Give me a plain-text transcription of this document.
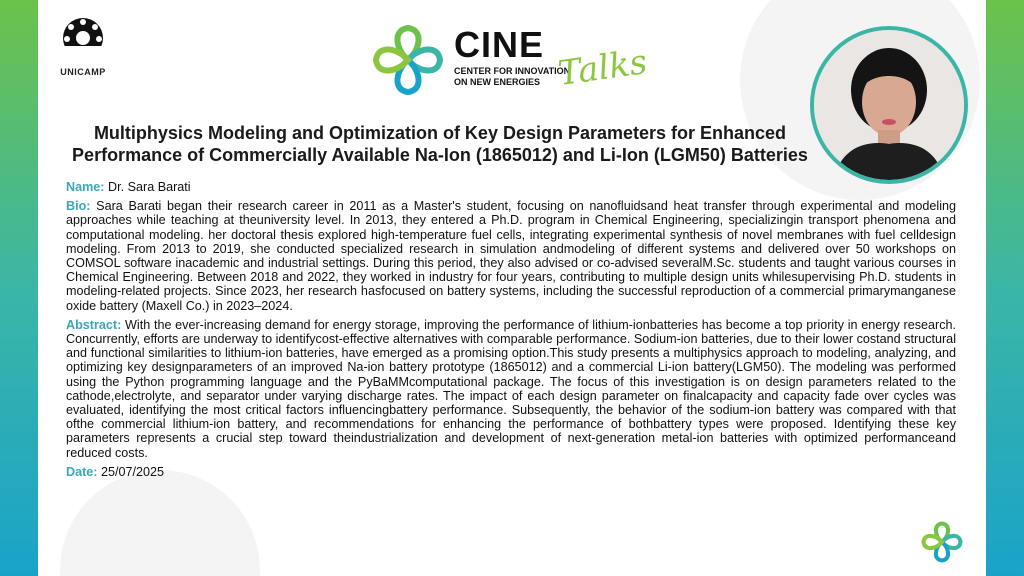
UNICAMP
CINE
CENTER FOR INNOVATION
ON NEW ENERGIES Talks
Multiphysics Modeling and Optimization of Key Design Parameters for Enhanced Performance of Commercially Available Na-Ion (1865012) and Li-Ion (LGM50) Batteries

Name: Dr. Sara Barati

Bio: Sara Barati began their research career in 2011 as a Master's student, focusing on nanofluidsand heat transfer through experimental and modeling approaches while teaching at theuniversity level. In 2013, they entered a Ph.D. program in Chemical Engineering, specializingin transport phenomena and computational modeling. her doctoral thesis explored high-temperature fuel cells, integrating experimental synthesis of novel membranes with fuel celldesign modeling. From 2013 to 2019, she conducted specialized research in simulation andmodeling of different systems and delivered over 50 workshops on COMSOL software inacademic and industrial settings. During this period, they also advised or co-advised severalM.Sc. students and taught various courses in Chemical Engineering. Between 2018 and 2022, they worked in industry for four years, contributing to multiple design units whilesupervising Ph.D. students in modeling-related projects. Since 2023, her research hasfocused on battery systems, including the successful reproduction of a commercial primarymanganese oxide battery (Maxell Co.) in 2023–2024.

Abstract: With the ever-increasing demand for energy storage, improving the performance of lithium-ionbatteries has become a top priority in energy research. Concurrently, efforts are underway to identifycost-effective alternatives with comparable performance. Sodium-ion batteries, due to their lower costand structural and functional similarities to lithium-ion batteries, have emerged as a promising option.This study presents a multiphysics approach to modeling, analyzing, and optimizing key designparameters of an improved Na-ion battery prototype (1865012) and a commercial Li-ion battery(LGM50). The modeling was performed using the Python programming language and the PyBaMMcomputational package. The focus of this investigation is on design parameters related to the cathode,electrolyte, and separator under varying discharge rates. The impact of each design parameter on finalcapacity and capacity fade over cycles was evaluated, identifying the most critical factors influencingbattery performance. Subsequently, the behavior of the sodium-ion battery was compared with that ofthe commercial lithium-ion battery, and recommendations for enhancing the performance of bothbattery types were proposed. Identifying these key parameters represents a crucial step toward theindustrialization and development of next-generation metal-ion batteries with optimized performanceand reduced costs.

Date: 25/07/2025
